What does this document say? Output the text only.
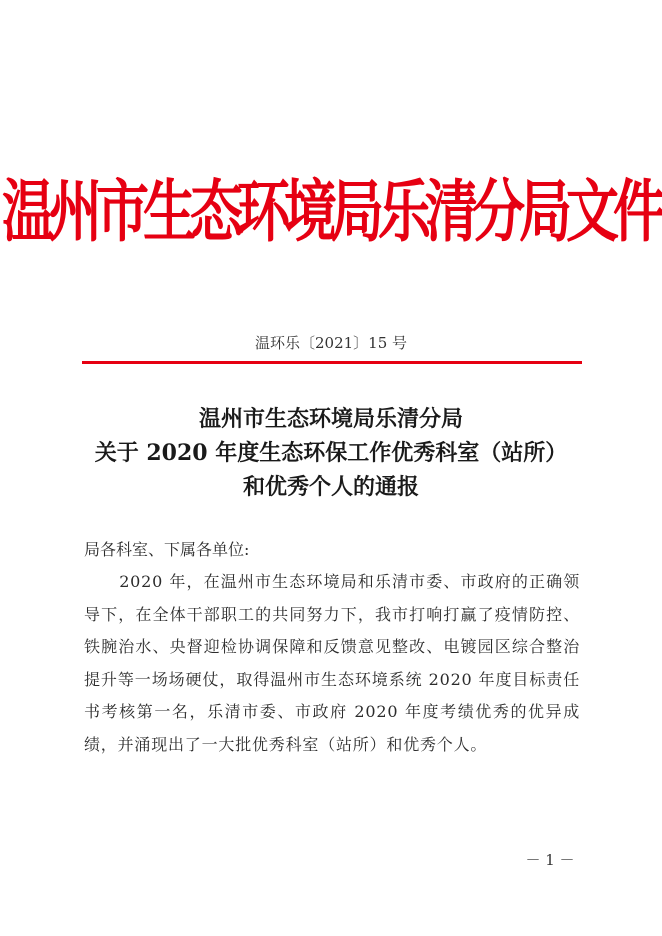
温州市生态环境局乐清分局文件
温环乐〔2021〕15 号
温州市生态环境局乐清分局
关于 2020 年度生态环保工作优秀科室（站所）
和优秀个人的通报
局各科室、下属各单位:

2020 年，在温州市生态环境局和乐清市委、市政府的正确领导下，在全体干部职工的共同努力下，我市打响打赢了疫情防控、铁腕治水、央督迎检协调保障和反馈意见整改、电镀园区综合整治提升等一场场硬仗，取得温州市生态环境系统 2020 年度目标责任书考核第一名，乐清市委、市政府 2020 年度考绩优秀的优异成绩，并涌现出了一大批优秀科室（站所）和优秀个人。

－ 1 －
